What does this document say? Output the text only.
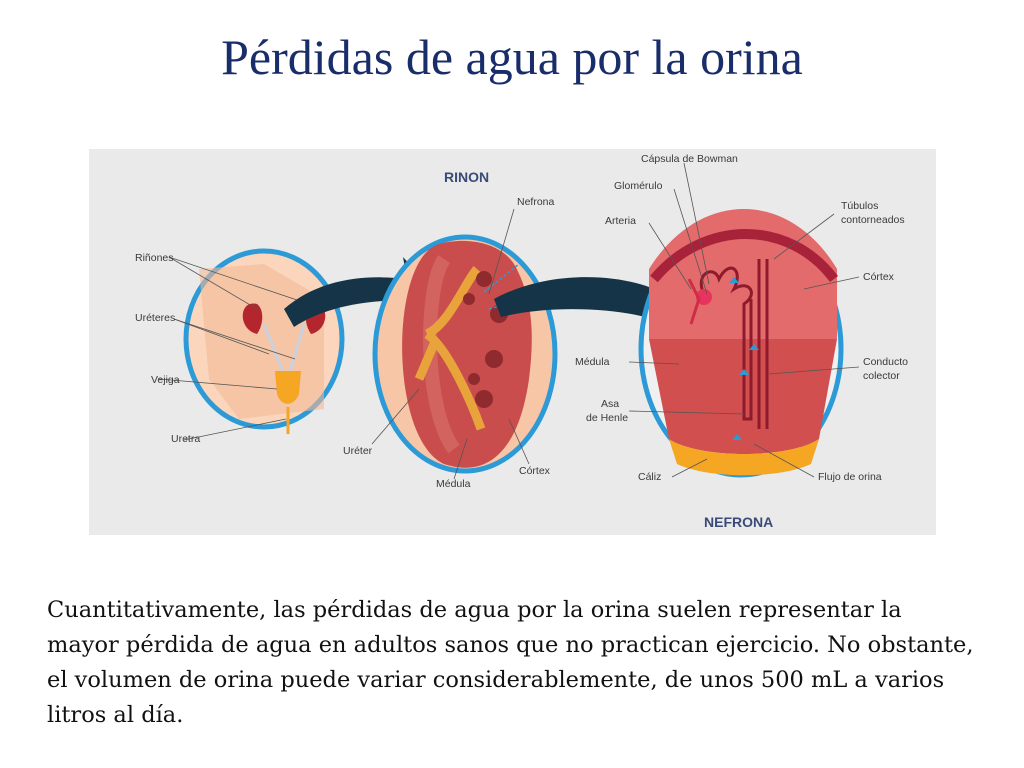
Pérdidas de agua por la orina
Riñones
Uréteres
Vejiga
Uretra
RINON
Nefrona
Uréter
Médula
Córtex
Cápsula de Bowman
Glomérulo
Arteria
Túbulos
contorneados
Córtex
Médula	Conducto
colector
Asa
de Henle
Cáliz	Flujo de orina
NEFRONA

Cuantitativamente, las pérdidas de agua por la orina suelen representar la mayor pérdida de agua en adultos sanos que no practican ejercicio. No obstante, el volumen de orina puede variar considerablemente, de unos 500 mL a varios litros al día.
